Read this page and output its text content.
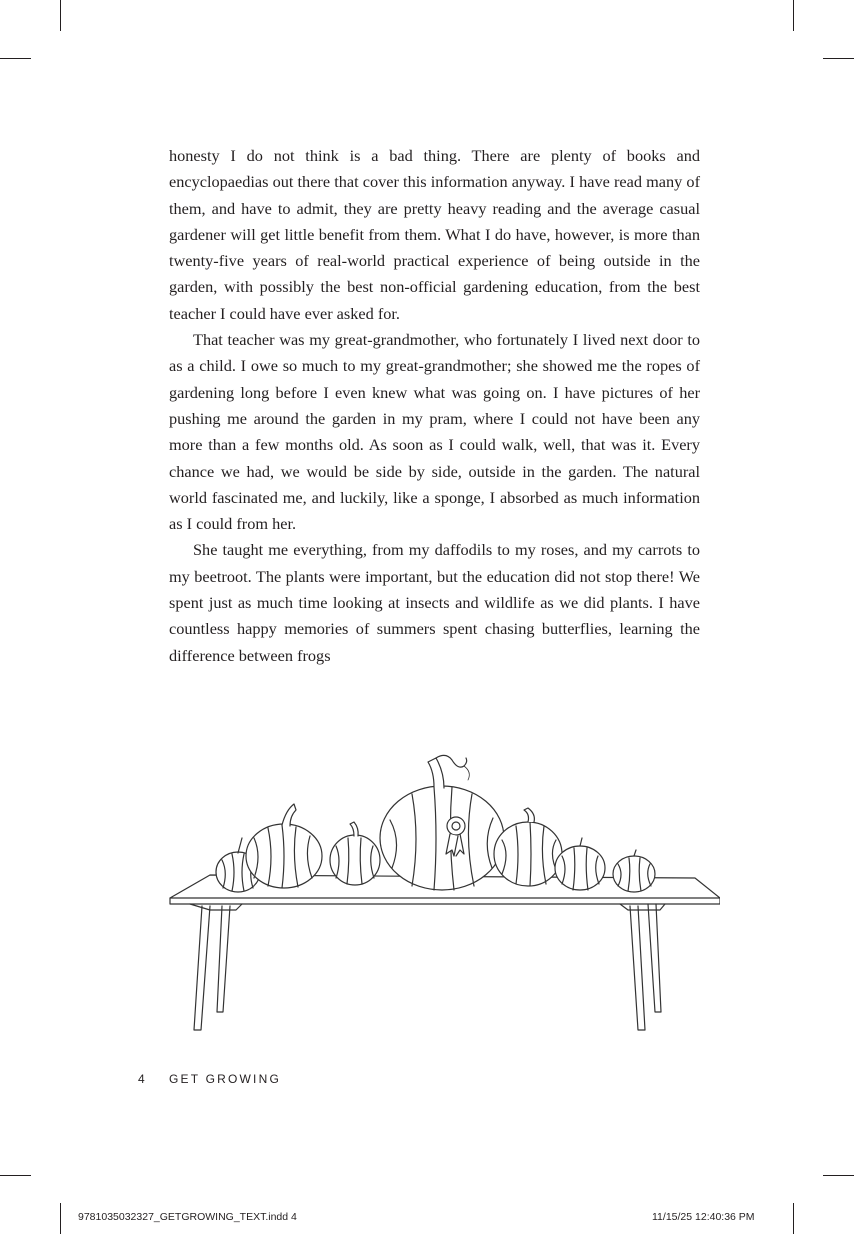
honesty I do not think is a bad thing. There are plenty of books and encyclopaedias out there that cover this information anyway. I have read many of them, and have to admit, they are pretty heavy reading and the average casual gardener will get little benefit from them. What I do have, however, is more than twenty-five years of real-world practical experience of being outside in the garden, with possibly the best non-official gardening education, from the best teacher I could have ever asked for.

That teacher was my great-grandmother, who fortunately I lived next door to as a child. I owe so much to my great-grandmother; she showed me the ropes of gardening long before I even knew what was going on. I have pictures of her pushing me around the garden in my pram, where I could not have been any more than a few months old. As soon as I could walk, well, that was it. Every chance we had, we would be side by side, outside in the garden. The natural world fascinated me, and luckily, like a sponge, I absorbed as much information as I could from her.

She taught me everything, from my daffodils to my roses, and my carrots to my beetroot. The plants were important, but the education did not stop there! We spent just as much time looking at insects and wildlife as we did plants. I have countless happy memories of summers spent chasing butterflies, learning the difference between frogs

4 GET GROWING
9781035032327_GETGROWING_TEXT.indd 4	11/15/25 12:40:36 PM
